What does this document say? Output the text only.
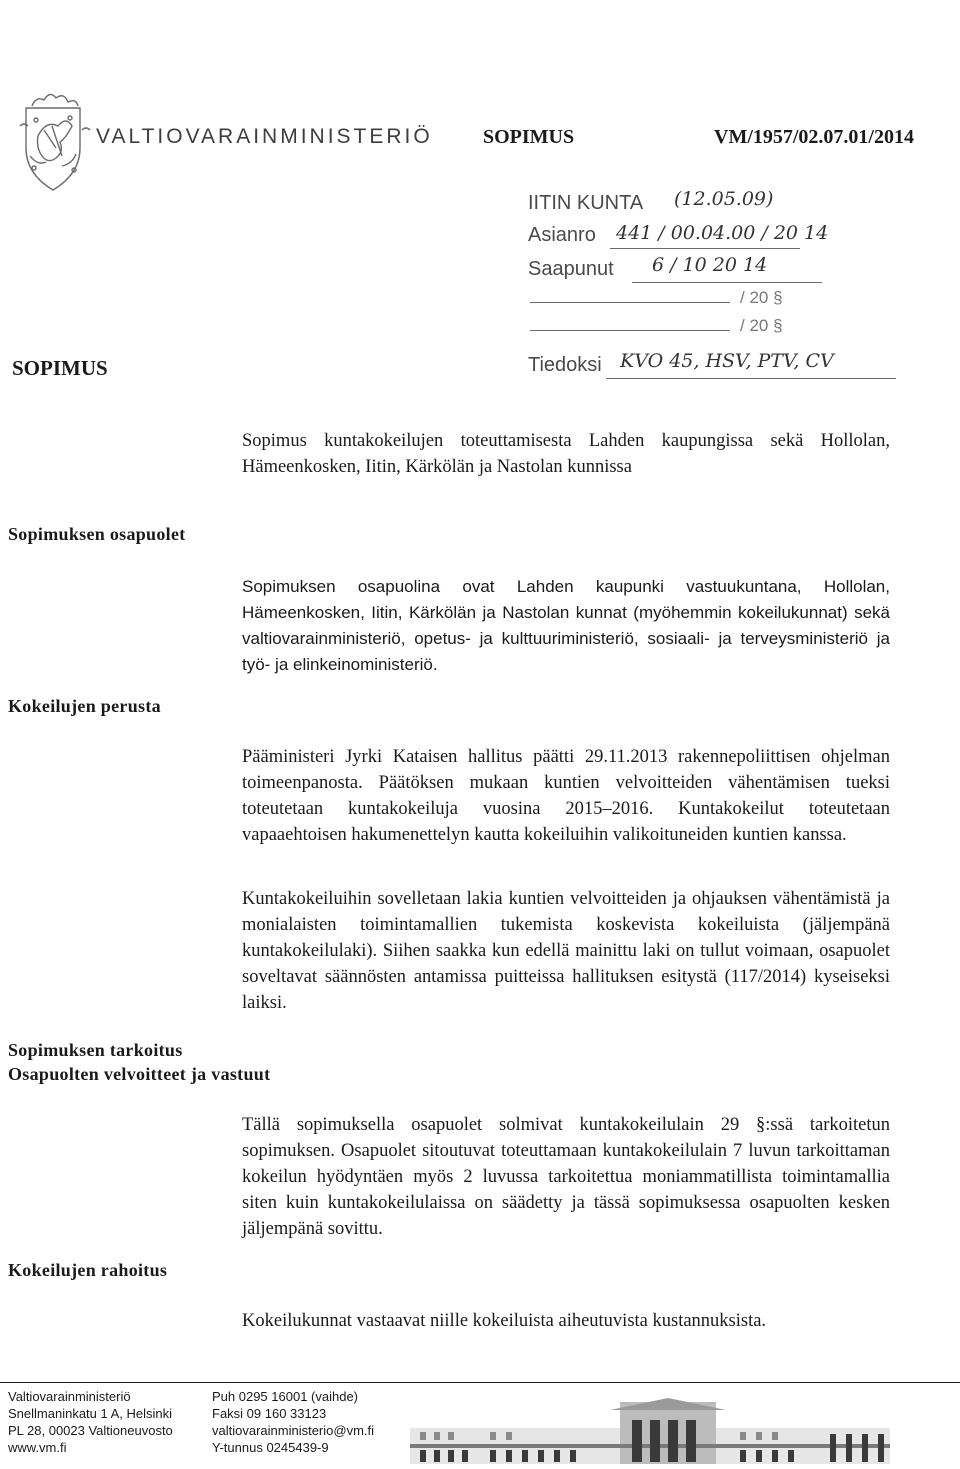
VALTIOVARAINMINISTERIÖ	SOPIMUS	VM/1957/02.07.01/2014
IITIN KUNTA (12.05.09)
Asianro 441 / 00.04.00 / 20 14
Saapunut 6 / 10 20 14
/ 20 §
/ 20 §
Tiedoksi KVO 45, HSV, PTV, CV
SOPIMUS
Sopimus kuntakokeilujen toteuttamisesta Lahden kaupungissa sekä Hollolan, Hämeenkosken, Iitin, Kärkölän ja Nastolan kunnissa
Sopimuksen osapuolet
Sopimuksen osapuolina ovat Lahden kaupunki vastuukuntana, Hollolan, Hämeenkosken, Iitin, Kärkölän ja Nastolan kunnat (myöhemmin kokeilukunnat) sekä valtiovarainministeriö, opetus- ja kulttuuriministeriö, sosiaali- ja terveysministeriö ja työ- ja elinkeinoministeriö.
Kokeilujen perusta
Pääministeri Jyrki Kataisen hallitus päätti 29.11.2013 rakennepoliittisen ohjelman toimeenpanosta. Päätöksen mukaan kuntien velvoitteiden vähentämisen tueksi toteutetaan kuntakokeiluja vuosina 2015–2016. Kuntakokeilut toteutetaan vapaaehtoisen hakumenettelyn kautta kokeiluihin valikoituneiden kuntien kanssa.
Kuntakokeiluihin sovelletaan lakia kuntien velvoitteiden ja ohjauksen vähentämistä ja monialaisten toimintamallien tukemista koskevista kokeiluista (jäljempänä kuntakokeilulaki). Siihen saakka kun edellä mainittu laki on tullut voimaan, osapuolet soveltavat säännösten antamissa puitteissa hallituksen esitystä (117/2014) kyseiseksi laiksi.
Sopimuksen tarkoitus
Osapuolten velvoitteet ja vastuut
Tällä sopimuksella osapuolet solmivat kuntakokeilulain 29 §:ssä tarkoitetun sopimuksen. Osapuolet sitoutuvat toteuttamaan kuntakokeilulain 7 luvun tarkoittaman kokeilun hyödyntäen myös 2 luvussa tarkoitettua moniammatillista toimintamallia siten kuin kuntakokeilulaissa on säädetty ja tässä sopimuksessa osapuolten kesken jäljempänä sovittu.
Kokeilujen rahoitus
Kokeilukunnat vastaavat niille kokeiluista aiheutuvista kustannuksista.
Valtiovarainministeriö
Snellmaninkatu 1 A, Helsinki
PL 28, 00023 Valtioneuvosto
www.vm.fi
Puh 0295 16001 (vaihde)
Faksi 09 160 33123
valtiovarainministerio@vm.fi
Y-tunnus 0245439-9
